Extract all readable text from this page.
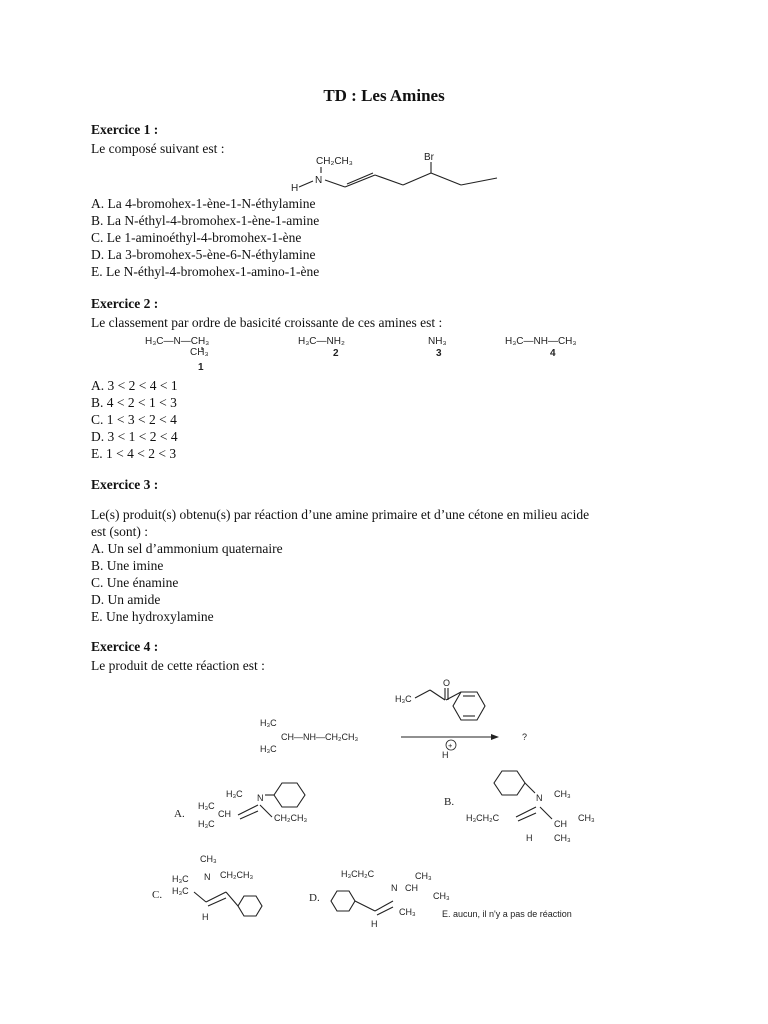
TD : Les Amines
Exercice 1 :
Le composé suivant est :
CH₂CH₃
N
H
Br
A. La 4-bromohex-1-ène-1-N-éthylamine
B. La N-éthyl-4-bromohex-1-ène-1-amine
C. Le 1-aminoéthyl-4-bromohex-1-ène
D. La 3-bromohex-5-ène-6-N-éthylamine
E. Le N-éthyl-4-bromohex-1-amino-1-ène
Exercice 2 :
Le classement par ordre de basicité croissante de ces amines est :
H₃C—N—CH₃
CH₃
1
H₃C—NH₂
2
NH₃
3
H₃C—NH—CH₃
4
A. 3 < 2 < 4 < 1
B. 4 < 2 < 1 < 3
C. 1 < 3 < 2 < 4
D. 3 < 1 < 2 < 4
E. 1 < 4 < 2 < 3
Exercice 3 :
Le(s) produit(s) obtenu(s) par réaction d’une amine primaire et d’une cétone en milieu acide
est (sont) :
A. Un sel d’ammonium quaternaire
B. Une imine
C. Une énamine
D. Un amide
E. Une hydroxylamine
Exercice 4 :
Le produit de cette réaction est :
H₃C
O
H₃C
CH—NH—CH₂CH₃
H₃C	+
H
?
A.
H₃C N
H₃C
CH
H₃C
CH₂CH₃
B.	N CH₃
H₃CH₂C	CH₃
CH
H CH₃
C.
CH₃
N CH₂CH₃
H₃C
H₃C
H
D.
H₃CH₂C	CH₃
N CH
CH₃
CH₃
H
E. aucun, il n'y a pas de réaction
